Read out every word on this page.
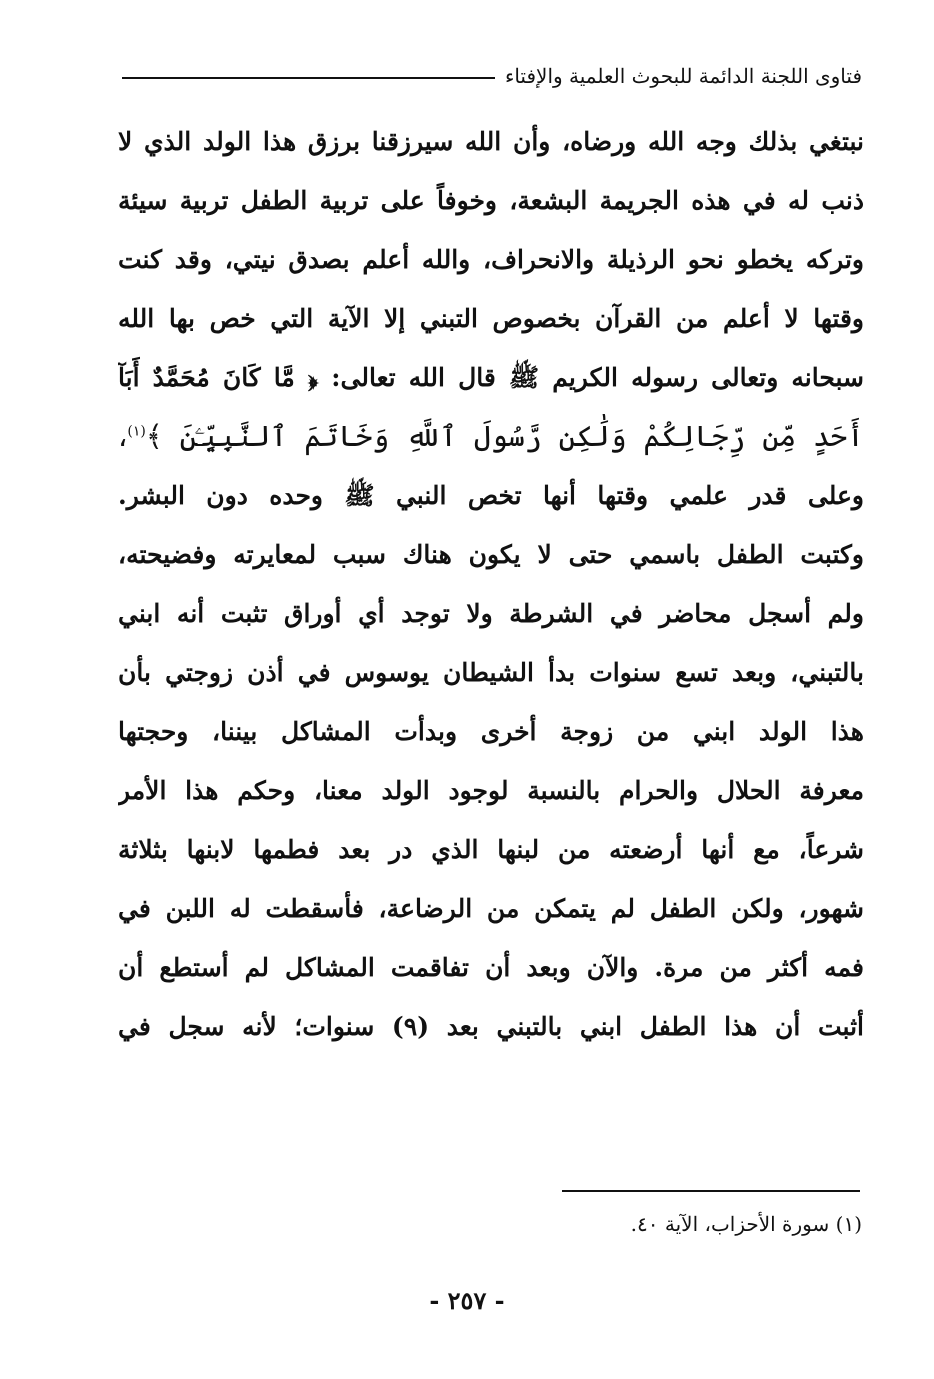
فتاوى اللجنة الدائمة للبحوث العلمية والإفتاء
نبتغي بذلك وجه الله ورضاه، وأن الله سيرزقنا برزق هذا الولد الذي لا
ذنب له في هذه الجريمة البشعة، وخوفاً على تربية الطفل تربية سيئة
وتركه يخطو نحو الرذيلة والانحراف، والله أعلم بصدق نيتي، وقد كنت
وقتها لا أعلم من القرآن بخصوص التبني إلا الآية التي خص بها الله
سبحانه وتعالى رسوله الكريم ﷺ قال الله تعالى: ﴿ مَّا كَانَ مُحَمَّدٌ أَبَآ
أَحَدٍ مِّن رِّجَالِكُمْ وَلَٰكِن رَّسُولَ ٱللَّهِ وَخَاتَمَ ٱلنَّبِيِّـۧنَ ﴾$^{(١)}$،
وعلى قدر علمي وقتها أنها تخص النبي ﷺ وحده دون البشر.
وكتبت الطفل باسمي حتى لا يكون هناك سبب لمعايرته وفضيحته،
ولم أسجل محاضر في الشرطة ولا توجد أي أوراق تثبت أنه ابني
بالتبني، وبعد تسع سنوات بدأ الشيطان يوسوس في أذن زوجتي بأن
هذا الولد ابني من زوجة أخرى وبدأت المشاكل بيننا، وحجتها
معرفة الحلال والحرام بالنسبة لوجود الولد معنا، وحكم هذا الأمر
شرعاً، مع أنها أرضعته من لبنها الذي در بعد فطمها لابنها بثلاثة
شهور، ولكن الطفل لم يتمكن من الرضاعة، فأسقطت له اللبن في
فمه أكثر من مرة. والآن وبعد أن تفاقمت المشاكل لم أستطع أن
أثبت أن هذا الطفل ابني بالتبني بعد (٩) سنوات؛ لأنه سجل في
(١) سورة الأحزاب، الآية ٤٠.
- ٢٥٧ -
